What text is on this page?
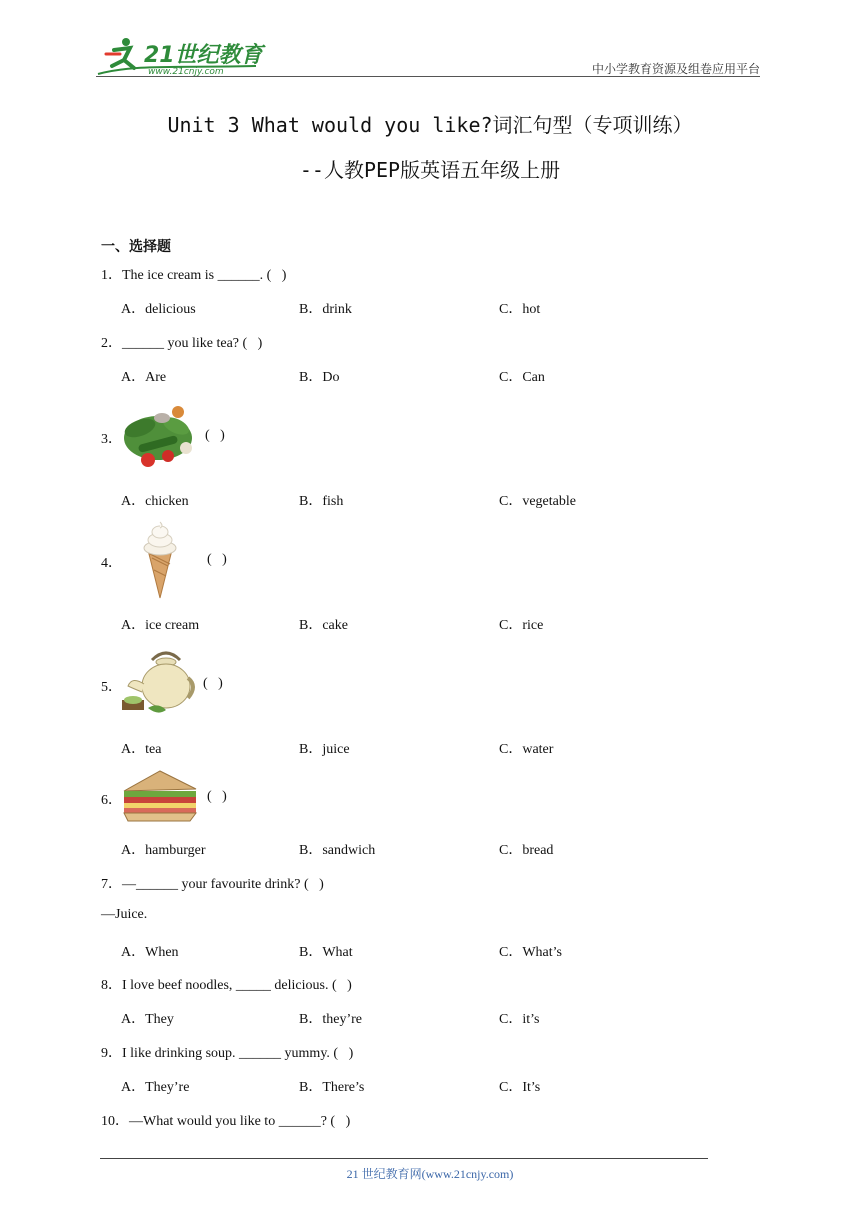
21世纪教育
www.21cnjy.com	中小学教育资源及组卷应用平台
Unit 3 What would you like?词汇句型（专项训练）
--人教PEP版英语五年级上册
一、选择题
1．The ice cream is ______. (   )
A．delicious	B．drink	C．hot
2．______ you like tea? (   )
A．Are	B．Do	C．Can
3．	(   )
A．chicken	B．fish	C．vegetable
4．	(   )
A．ice cream	B．cake	C．rice
5．	(   )
A．tea	B．juice	C．water
6．	(   )
A．hamburger	B．sandwich	C．bread
7．—______ your favourite drink? (   )
—Juice.
A．When	B．What	C．What’s
8．I love beef noodles, _____ delicious. (   )
A．They	B．they’re	C．it’s
9．I like drinking soup. ______ yummy. (   )
A．They’re	B．There’s	C．It’s
10．—What would you like to ______? (   )
21 世纪教育网(www.21cnjy.com)
